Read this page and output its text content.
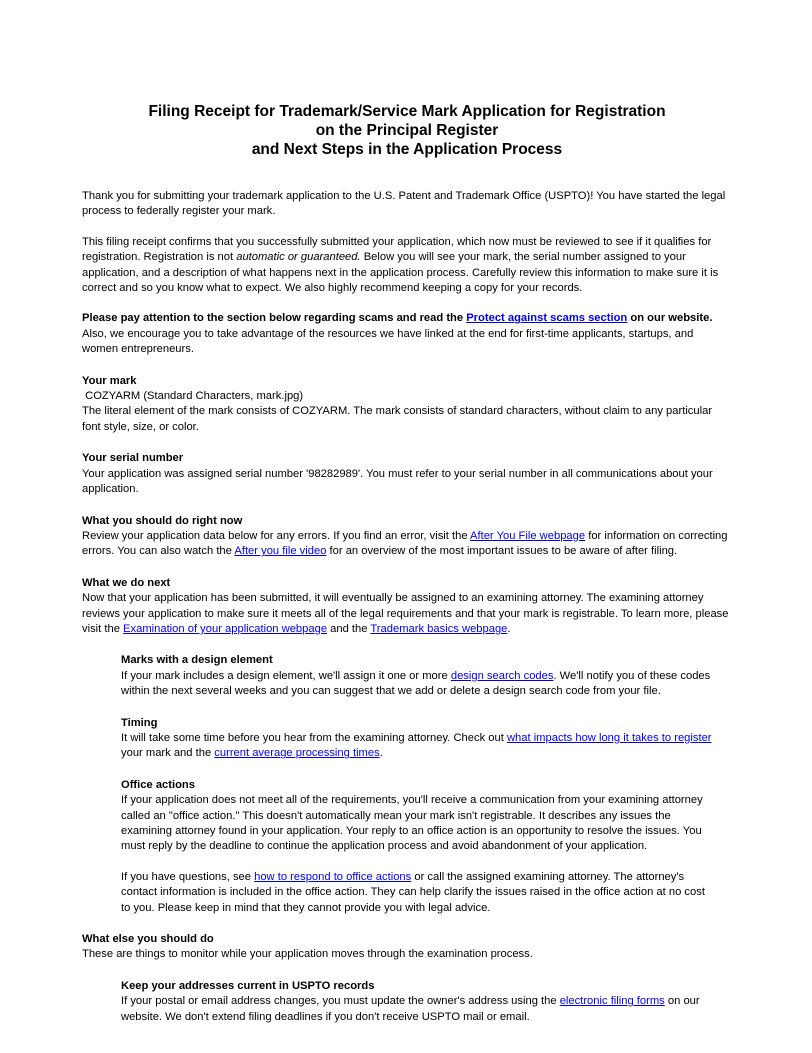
Filing Receipt for Trademark/Service Mark Application for Registration
on the Principal Register
and Next Steps in the Application Process

Thank you for submitting your trademark application to the U.S. Patent and Trademark Office (USPTO)! You have started the legal process to federally register your mark.

This filing receipt confirms that you successfully submitted your application, which now must be reviewed to see if it qualifies for registration. Registration is not automatic or guaranteed. Below you will see your mark, the serial number assigned to your application, and a description of what happens next in the application process. Carefully review this information to make sure it is correct and so you know what to expect. We also highly recommend keeping a copy for your records.

Please pay attention to the section below regarding scams and read the Protect against scams section on our website. Also, we encourage you to take advantage of the resources we have linked at the end for first-time applicants, startups, and women entrepreneurs.

Your mark
COZYARM (Standard Characters, mark.jpg)
The literal element of the mark consists of COZYARM. The mark consists of standard characters, without claim to any particular font style, size, or color.
Your serial number
Your application was assigned serial number '98282989'. You must refer to your serial number in all communications about your application.
What you should do right now
Review your application data below for any errors. If you find an error, visit the After You File webpage for information on correcting errors. You can also watch the After you file video for an overview of the most important issues to be aware of after filing.
What we do next
Now that your application has been submitted, it will eventually be assigned to an examining attorney. The examining attorney reviews your application to make sure it meets all of the legal requirements and that your mark is registrable. To learn more, please visit the Examination of your application webpage and the Trademark basics webpage.
Marks with a design element
If your mark includes a design element, we'll assign it one or more design search codes. We'll notify you of these codes within the next several weeks and you can suggest that we add or delete a design search code from your file.
Timing
It will take some time before you hear from the examining attorney. Check out what impacts how long it takes to register your mark and the current average processing times.
Office actions
If your application does not meet all of the requirements, you'll receive a communication from your examining attorney called an "office action." This doesn't automatically mean your mark isn't registrable. It describes any issues the examining attorney found in your application. Your reply to an office action is an opportunity to resolve the issues. You must reply by the deadline to continue the application process and avoid abandonment of your application.
If you have questions, see how to respond to office actions or call the assigned examining attorney. The attorney's contact information is included in the office action. They can help clarify the issues raised in the office action at no cost to you. Please keep in mind that they cannot provide you with legal advice.
What else you should do
These are things to monitor while your application moves through the examination process.
Keep your addresses current in USPTO records
If your postal or email address changes, you must update the owner's address using the electronic filing forms on our website. We don't extend filing deadlines if you don't receive USPTO mail or email.
